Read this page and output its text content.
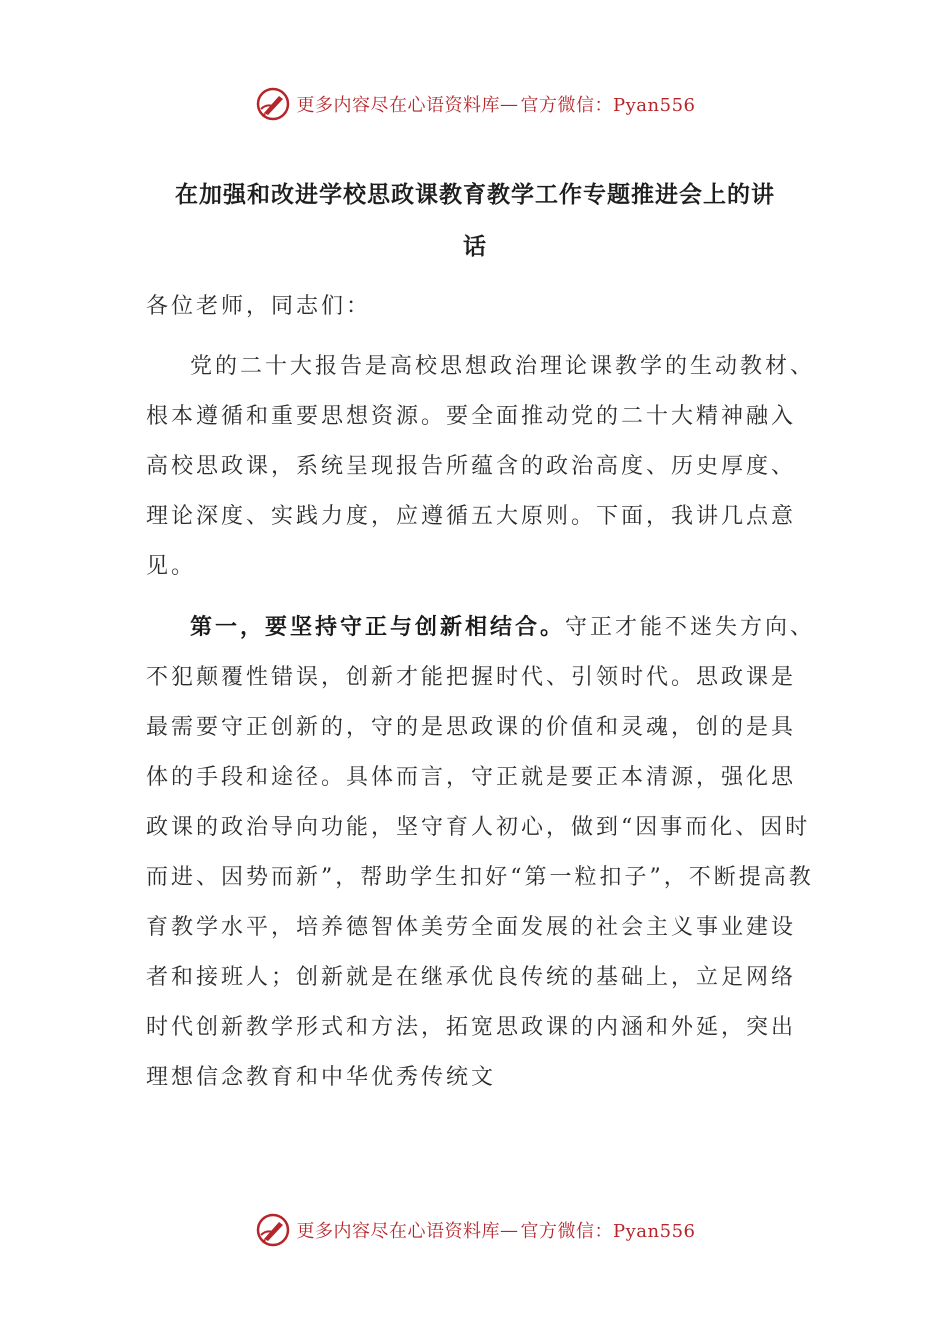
更多内容尽在心语资料库 — 官方微信：Pyan556
在加强和改进学校思政课教育教学工作专题推进会上的讲
话

各位老师，同志们：

党的二十大报告是高校思想政治理论课教学的生动教材、根本遵循和重要思想资源。要全面推动党的二十大精神融入高校思政课，系统呈现报告所蕴含的政治高度、历史厚度、理论深度、实践力度，应遵循五大原则。下面，我讲几点意见。

第一，要坚持守正与创新相结合。守正才能不迷失方向、不犯颠覆性错误，创新才能把握时代、引领时代。思政课是最需要守正创新的，守的是思政课的价值和灵魂，创的是具体的手段和途径。具体而言，守正就是要正本清源，强化思政课的政治导向功能，坚守育人初心，做到“因事而化、因时而进、因势而新”，帮助学生扣好“第一粒扣子”，不断提高教育教学水平，培养德智体美劳全面发展的社会主义事业建设者和接班人；创新就是在继承优良传统的基础上，立足网络时代创新教学形式和方法，拓宽思政课的内涵和外延，突出理想信念教育和中华优秀传统文

更多内容尽在心语资料库 — 官方微信：Pyan556
